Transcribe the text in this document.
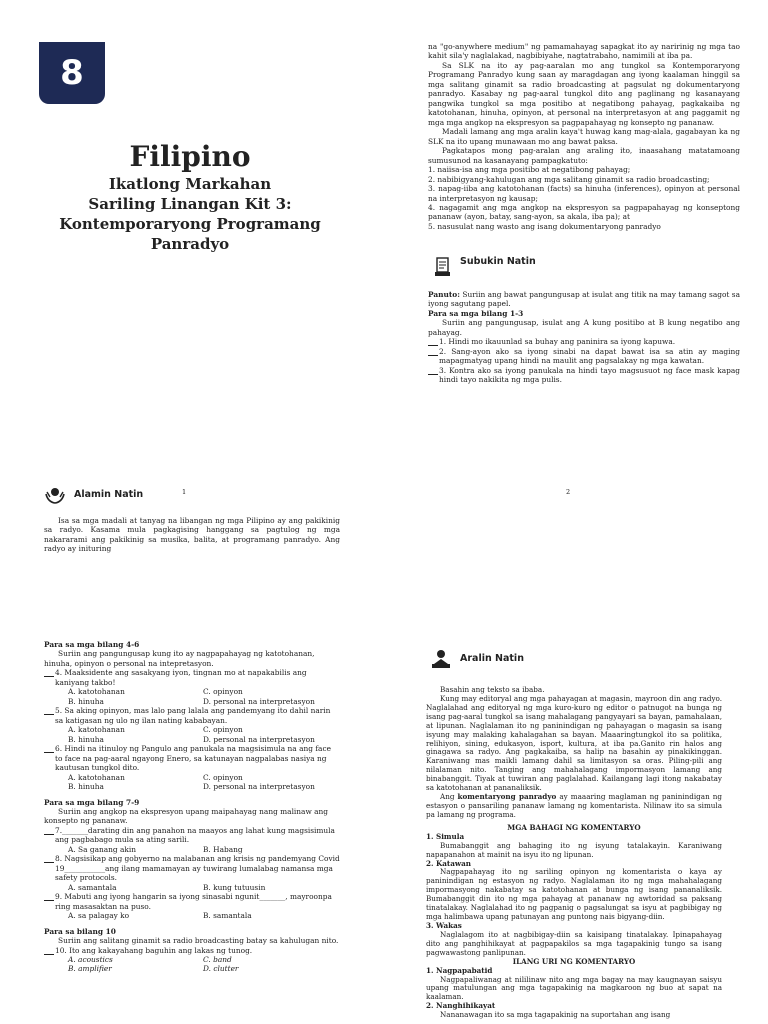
8
Filipino
Ikatlong Markahan
Sariling Linangan Kit 3:
Kontemporaryong Programang
Panradyo

na "go-anywhere medium" ng pamamahayag sapagkat ito ay naririnig ng mga tao kahit sila'y naglalakad, nagbibiyahe, nagtatrabaho, namimili at iba pa.

Sa SLK na ito ay pag-aaralan mo ang tungkol sa Kontemporaryong Programang Panradyo kung saan ay maragdagan ang iyong kaalaman hinggil sa mga salitang ginamit sa radio broadcasting at pagsulat ng dokumentaryong panradyo. Kasabay ng pag-aaral tungkol dito ang paglinang ng kasanayang pangwika tungkol sa mga positibo at negatibong pahayag, pagkakaiba ng katotohanan, hinuha, opinyon, at personal na interpretasyon at ang paggamit ng mga mga angkop na ekspresyon sa pagpapahayag ng konsepto ng pananaw.

Madali lamang ang mga aralin kaya't huwag kang mag-alala, gagabayan ka ng SLK na ito upang munawaan mo ang bawat paksa.

Pagkatapos mong pag-aralan ang araling ito, inaasahang matatamoang sumusunod na kasanayang pampagkatuto:

1. naiisa-isa ang mga positibo at negatibong pahayag;

2. nabibigyang-kahulugan ang mga salitang ginamit sa radio broadcasting;

3. napag-iiba ang katotohanan (facts) sa hinuha (inferences), opinyon at personal na interpretasyon ng kausap;

4. nagagamit ang mga angkop na ekspresyon sa pagpapahayag ng konseptong pananaw (ayon, batay, sang-ayon, sa akala, iba pa); at

5. nasusulat nang wasto ang isang dokumentaryong panradyo

Subukin Natin

Panuto: Suriin ang bawat pangungusap at isulat ang titik na may tamang sagot sa iyong sagutang papel.

Para sa mga bilang 1-3

Suriin ang pangungusap, isulat ang A kung positibo at B kung negatibo ang pahayag.

1. Hindi mo ikauunlad sa buhay ang paninira sa iyong kapuwa.

2. Sang-ayon ako sa iyong sinabi na dapat bawat isa sa atin ay maging mapagmatyag upang hindi na maulit ang pagsalakay ng mga kawatan.

3. Kontra ako sa iyong panukala na hindi tayo magsusuot ng face mask kapag hindi tayo nakikita ng mga pulis.

1	2
Alamin Natin

Isa sa mga madali at tanyag na libangan ng mga Pilipino ay ang pakikinig sa radyo. Kasama mula pagkagising hanggang sa pagtulog ng mga nakararami ang pakikinig sa musika, balita, at programang panradyo. Ang radyo ay inituring

Para sa mga bilang 4-6

Suriin ang pangungusap kung ito ay nagpapahayag ng katotohanan, hinuha, opinyon o personal na intepretasyon.

4. Maaksidente ang sasakyang iyon, tingnan mo at napakabilis ang kaniyang takbo!

A. katotohanan	C. opinyon
B. hinuha	D. personal na interpretasyon

5. Sa aking opinyon, mas lalo pang lalala ang pandemyang ito dahil narin sa katigasan ng ulo ng ilan nating kababayan.

A. katotohanan	C. opinyon
B. hinuha	D. personal na interpretasyon

6. Hindi na itinuloy ng Pangulo ang panukala na magsisimula na ang face to face na pag-aaral ngayong Enero, sa katunayan nagpalabas nasiya ng kautusan tungkol dito.

A. katotohanan	C. opinyon
B. hinuha	D. personal na interpretasyon

Para sa mga bilang 7-9

Suriin ang angkop na ekspresyon upang maipahayag nang malinaw ang konsepto ng pananaw.

7._______darating din ang panahon na maayos ang lahat kung magsisimula ang pagbabago mula sa ating sarili.

A. Sa ganang akin	B. Habang

8. Nagsisikap ang gobyerno na malabanan ang krisis ng pandemyang Covid 19___________ang ilang mamamayan ay tuwirang lumalabag namansa mga safety protocols.

A. samantala	B. kung tutuusin

9. Mabuti ang iyong hangarin sa iyong sinasabi ngunit_______, mayroonpa ring masasaktan na puso.

A. sa palagay ko	B. samantala

Para sa bilang 10

Suriin ang salitang ginamit sa radio broadcasting batay sa kahulugan nito.

10. Ito ang kakayahang baguhin ang lakas ng tunog.

A. acoustics	C. band
B. amplifier	D. clutter
Aralin Natin

Basahin ang teksto sa ibaba.

Kung may editoryal ang mga pahayagan at magasin, mayroon din ang radyo. Naglalahad ang editoryal ng mga kuro-kuro ng editor o patnugot na bunga ng isang pag-aaral tungkol sa isang mahalagang pangyayari sa bayan, pamahalaan, at lipunan. Naglalaman ito ng paninindigan ng pahayagan o magasin sa isang isyung may malaking kahalagahan sa bayan. Maaaringtungkol ito sa politika, relihiyon, sining, edukasyon, isport, kultura, at iba pa.Ganito rin halos ang ginagawa sa radyo. Ang pagkakaiba, sa halip na basahin ay pinakikinggan. Karaniwang mas maikli lamang dahil sa limitasyon sa oras. Piling-pili ang nilalaman nito. Tanging ang mahahalagang impormasyon lamang ang binabanggit. Tiyak at tuwiran ang paglalahad. Kailangang lagi itong nakabatay sa katotohanan at pananaliksik.

Ang komentaryong panradyo ay maaaring maglaman ng paninindigan ng estasyon o pansariling pananaw lamang ng komentarista. Nilinaw ito sa simula pa lamang ng programa.

MGA BAHAGI NG KOMENTARYO

1. Simula

Bumabanggit ang bahaging ito ng isyung tatalakayin. Karaniwang napapanahon at mainit na isyu ito ng lipunan.

2. Katawan

Nagpapahayag ito ng sariling opinyon ng komentarista o kaya ay paninindigan ng estasyon ng radyo. Naglalaman ito ng mga mahahalagang impormasyong nakabatay sa katotohanan at bunga ng isang pananaliksik. Bumabanggit din ito ng mga pahayag at pananaw ng awtoridad sa paksang tinatalakay. Naglalahad ito ng pagpanig o pagsalungat sa isyu at pagbibigay ng mga halimbawa upang patunayan ang puntong nais bigyang-diin.

3. Wakas

Naglalagom ito at nagbibigay-diin sa kaisipang tinatalakay. Ipinapahayag dito ang panghihikayat at pagpapakilos sa mga tagapakinig tungo sa isang pagwawastong panlipunan.

ILANG URI NG KOMENTARYO

1. Nagpapabatid

Nagpapaliwanag at nililinaw nito ang mga bagay na may kaugnayan saisyu upang matulungan ang mga tagapakinig na magkaroon ng buo at sapat na kaalaman.

2. Nanghihikayat

Nananawagan ito sa mga tagapakinig na suportahan ang isang
